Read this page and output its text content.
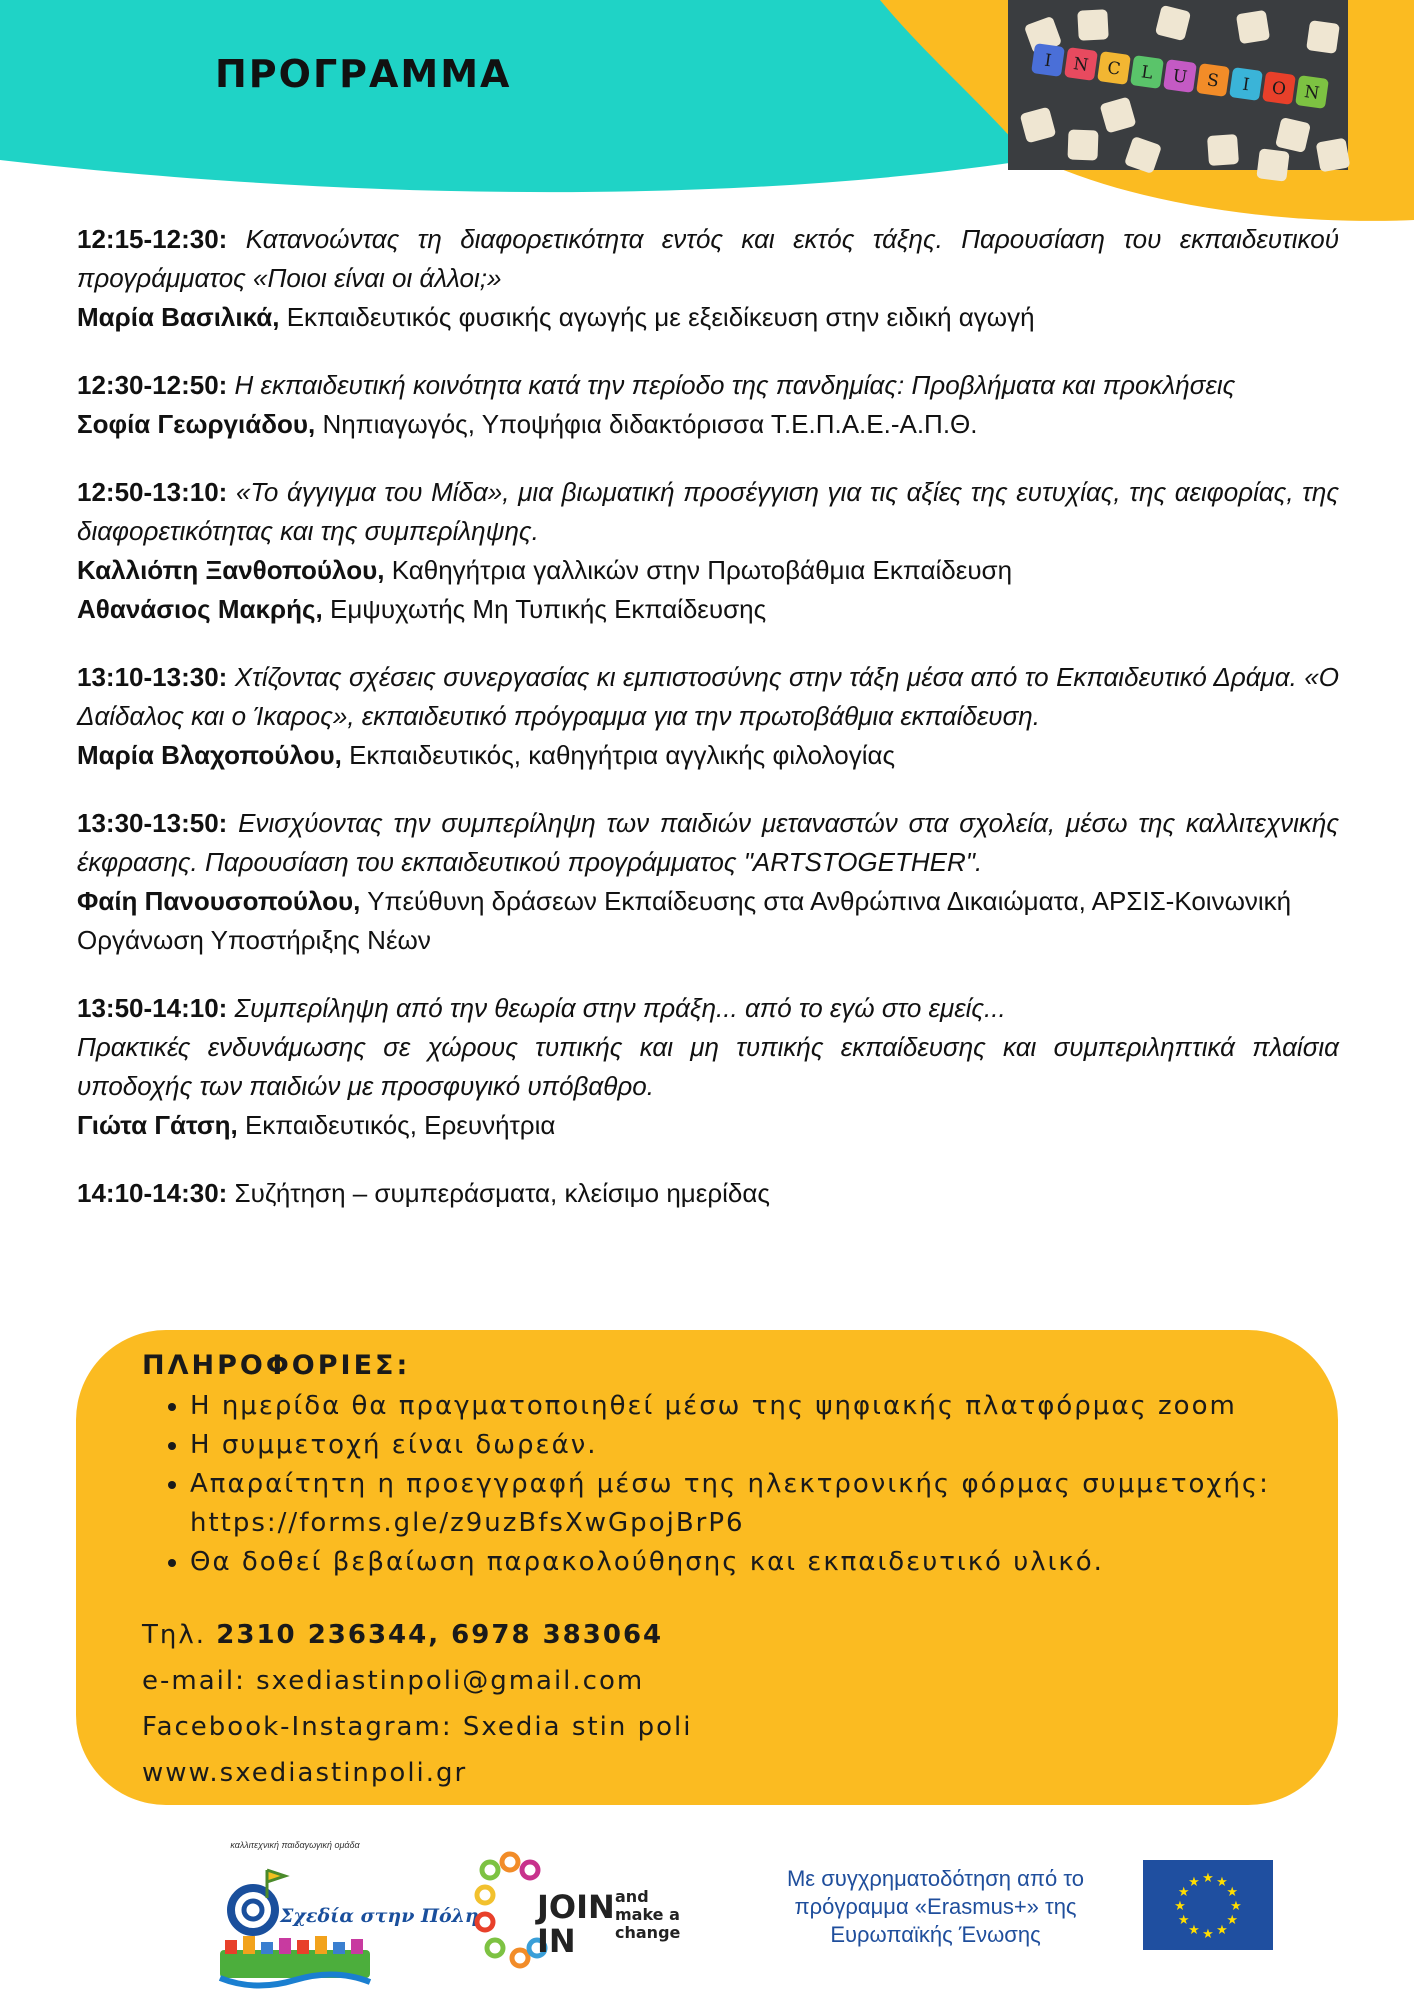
ΠΡΟΓΡΑΜΜΑ	I N C L U S I O N

12:15-12:30: Κατανοώντας τη διαφορετικότητα εντός και εκτός τάξης. Παρουσίαση του εκπαιδευτικού προγράμματος «Ποιοι είναι οι άλλοι;»

Μαρία Βασιλικά, Εκπαιδευτικός φυσικής αγωγής με εξειδίκευση στην ειδική αγωγή

12:30-12:50: Η εκπαιδευτική κοινότητα κατά την περίοδο της πανδημίας: Προβλήματα και προκλήσεις

Σοφία Γεωργιάδου, Νηπιαγωγός, Υποψήφια διδακτόρισσα Τ.Ε.Π.Α.Ε.-Α.Π.Θ.

12:50-13:10: «Το άγγιγμα του Μίδα», μια βιωματική προσέγγιση για τις αξίες της ευτυχίας, της αειφορίας, της διαφορετικότητας και της συμπερίληψης.

Καλλιόπη Ξανθοπούλου, Καθηγήτρια γαλλικών στην Πρωτοβάθμια Εκπαίδευση

Αθανάσιος Μακρής, Εμψυχωτής Μη Τυπικής Εκπαίδευσης

13:10-13:30: Χτίζοντας σχέσεις συνεργασίας κι εμπιστοσύνης στην τάξη μέσα από το Εκπαιδευτικό Δράμα. «Ο Δαίδαλος και ο Ίκαρος», εκπαιδευτικό πρόγραμμα για την πρωτοβάθμια εκπαίδευση.

Μαρία Βλαχοπούλου, Εκπαιδευτικός, καθηγήτρια αγγλικής φιλολογίας

13:30-13:50: Ενισχύοντας την συμπερίληψη των παιδιών μεταναστών στα σχολεία, μέσω της καλλιτεχνικής έκφρασης. Παρουσίαση του εκπαιδευτικού προγράμματος "ARTSTOGETHER".

Φαίη Πανουσοπούλου, Υπεύθυνη δράσεων Εκπαίδευσης στα Ανθρώπινα Δικαιώματα, ΑΡΣΙΣ-Κοινωνική Οργάνωση Υποστήριξης Νέων

13:50-14:10: Συμπερίληψη από την θεωρία στην πράξη... από το εγώ στο εμείς...

Πρακτικές ενδυνάμωσης σε χώρους τυπικής και μη τυπικής εκπαίδευσης και συμπεριληπτικά πλαίσια υποδοχής των παιδιών με προσφυγικό υπόβαθρο.

Γιώτα Γάτση, Εκπαιδευτικός, Ερευνήτρια

14:10-14:30: Συζήτηση – συμπεράσματα, κλείσιμο ημερίδας

ΠΛΗΡΟΦΟΡΙΕΣ:

• Η ημερίδα θα πραγματοποιηθεί μέσω της ψηφιακής πλατφόρμας zoom
• Η συμμετοχή είναι δωρεάν.
• Απαραίτητη η προεγγραφή μέσω της ηλεκτρονικής φόρμας συμμετοχής: https://forms.gle/z9uzBfsXwGpojBrP6
• Θα δοθεί βεβαίωση παρακολούθησης και εκπαιδευτικό υλικό.

Τηλ. 2310 236344, 6978 383064

e-mail: sxediastinpoli@gmail.com

Facebook-Instagram: Sxedia stin poli

www.sxediastinpoli.gr

καλλιτεχνική παιδαγωγική ομάδα
Σχεδία στην Πόλη JOIN
IN
and
make a
change
Με συγχρηματοδότηση από το πρόγραμμα «Erasmus+» της Ευρωπαϊκής Ένωσης
★
★
★
★
★
★
★
★
★ ★ ★
★
